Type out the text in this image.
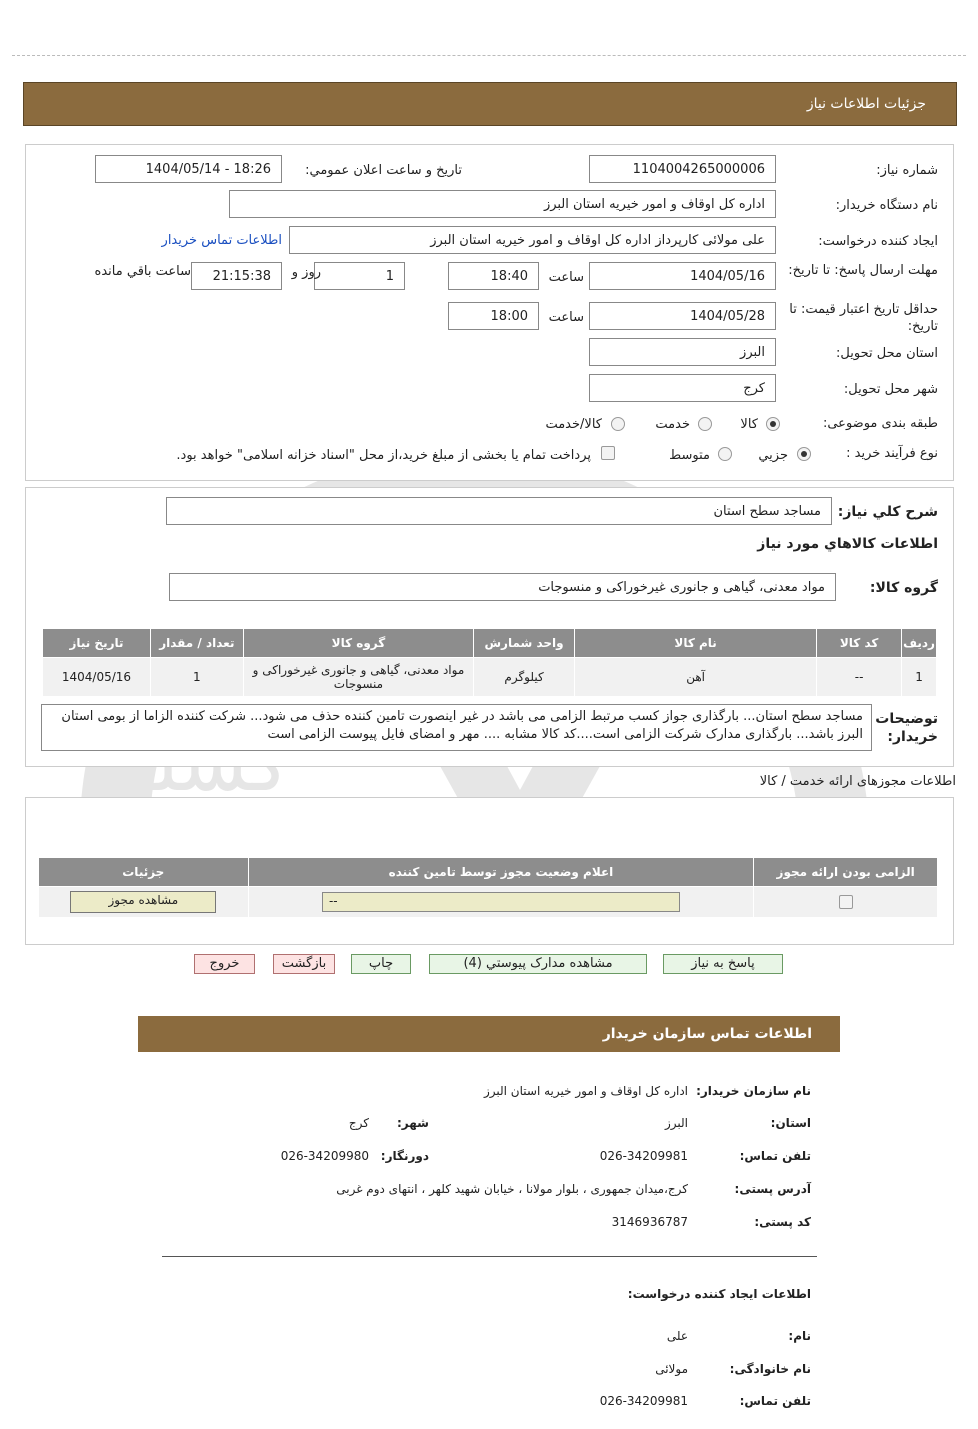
جزئیات اطلاعات نیاز
شماره نیاز:
1104004265000006
تاریخ و ساعت اعلان عمومي:
1404/05/14 - 18:26
نام دستگاه خريدار:
اداره کل اوقاف و امور خيريه استان البرز
ايجاد كننده درخواست:
علی مولائی کارپرداز اداره کل اوقاف و امور خيريه استان البرز
اطلاعات تماس خريدار
مهلت ارسال پاسخ: تا تاریخ:
1404/05/16
ساعت
18:40
1
روز و
21:15:38
ساعت باقي مانده
حداقل تاریخ اعتبار قیمت: تا تاریخ:
1404/05/28
ساعت
18:00
استان محل تحویل:
البرز
شهر محل تحویل:
کرج
طبقه بندی موضوعی:
کالا
خدمت
کالا/خدمت
نوع فرآیند خرید :
جزيي
متوسط
پرداخت تمام یا بخشی از مبلغ خرید،از محل "اسناد خزانه اسلامی" خواهد بود.
شرح كلي نياز:
مساجد سطح استان
اطلاعات كالاهاي مورد نياز
گروه كالا:
مواد معدنی، گیاهی و جانوری غیرخوراکی و منسوجات
رديف	کد کالا	نام كالا	واحد شمارش	گروه كالا	تعداد / مقدار	تاريخ نياز
1	--	آهن	کیلوگرم	مواد معدنی، گیاهی و جانوری غیرخوراکی و منسوجات	1	1404/05/16
توضيحات خريدار:
مساجد سطح استان... بارگذاری جواز کسب مرتبط الزامی می باشد در غیر اینصورت تامین کننده حذف می شود... شرکت کننده الزاما از بومی استان البرز باشد... بارگذاری مدارک شرکت الزامی است....کد کالا مشابه .... مهر و امضای فایل پیوست الزامی است
اطلاعات مجوزهای ارائه خدمت / کالا
الزامی بودن ارائه مجوز	اعلام وضعیت مجوز توسط تامین کننده	جزئیات

	--	مشاهده مجوز
پاسخ به نیاز
مشاهده مدارک پیوستي (4)
چاپ
بازگشت
خروج
اطلاعات تماس سازمان خريدار
نام سازمان خریدار:
اداره کل اوقاف و امور خيريه استان البرز
استان:
البرز
شهر:
کرج
تلفن تماس:
026-34209981
دورنگار:
026-34209980
آدرس پستی:
کرج،میدان جمهوری ، بلوار مولانا ، خیابان شهید کلهر ، انتهای دوم غربی
کد پستی:
3146936787
اطلاعات ایجاد کننده درخواست:
نام:
علی
نام خانوادگی:
مولائی
تلفن تماس:
026-34209981
